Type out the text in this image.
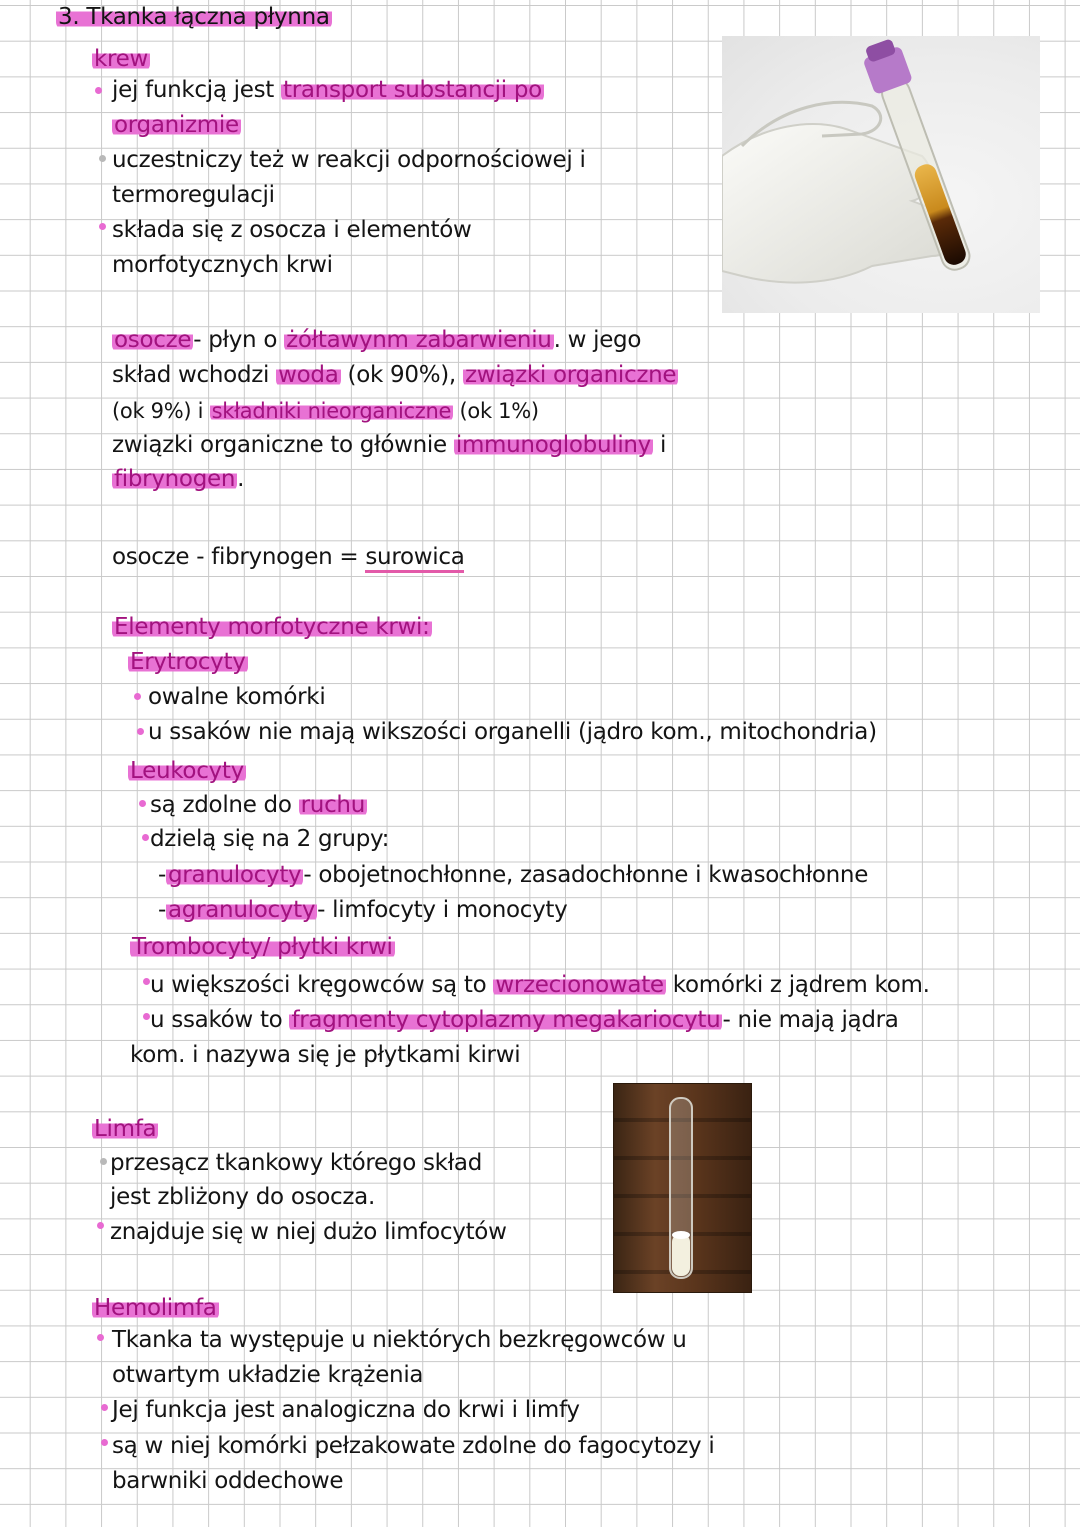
3. Tkanka łączna płynna
krew
jej funkcją jest transport substancji po
organizmie
uczestniczy też w reakcji odpornościowej i
termoregulacji
składa się z osocza i elementów
morfotycznych krwi
osocze- płyn o żółtawynm zabarwieniu. w jego
skład wchodzi woda (ok 90%), związki organiczne
(ok 9%) i składniki nieorganiczne (ok 1%)
związki organiczne to głównie immunoglobuliny i
fibrynogen.
osocze - fibrynogen = surowica
Elementy morfotyczne krwi:
Erytrocyty
owalne komórki
u ssaków nie mają wikszości organelli (jądro kom., mitochondria)
Leukocyty
są zdolne do ruchu
dzielą się na 2 grupy:
-granulocyty- obojetnochłonne, zasadochłonne i kwasochłonne
-agranulocyty- limfocyty i monocyty
Trombocyty/ płytki krwi
u większości kręgowców są to wrzecionowate komórki z jądrem kom.
u ssaków to fragmenty cytoplazmy megakariocytu- nie mają jądra
kom. i nazywa się je płytkami kirwi
Limfa
przesącz tkankowy którego skład
jest zbliżony do osocza.
znajduje się w niej dużo limfocytów
Hemolimfa
Tkanka ta występuje u niektórych bezkręgowców u
otwartym układzie krążenia
Jej funkcja jest analogiczna do krwi i limfy
są w niej komórki pełzakowate zdolne do fagocytozy i
barwniki oddechowe
